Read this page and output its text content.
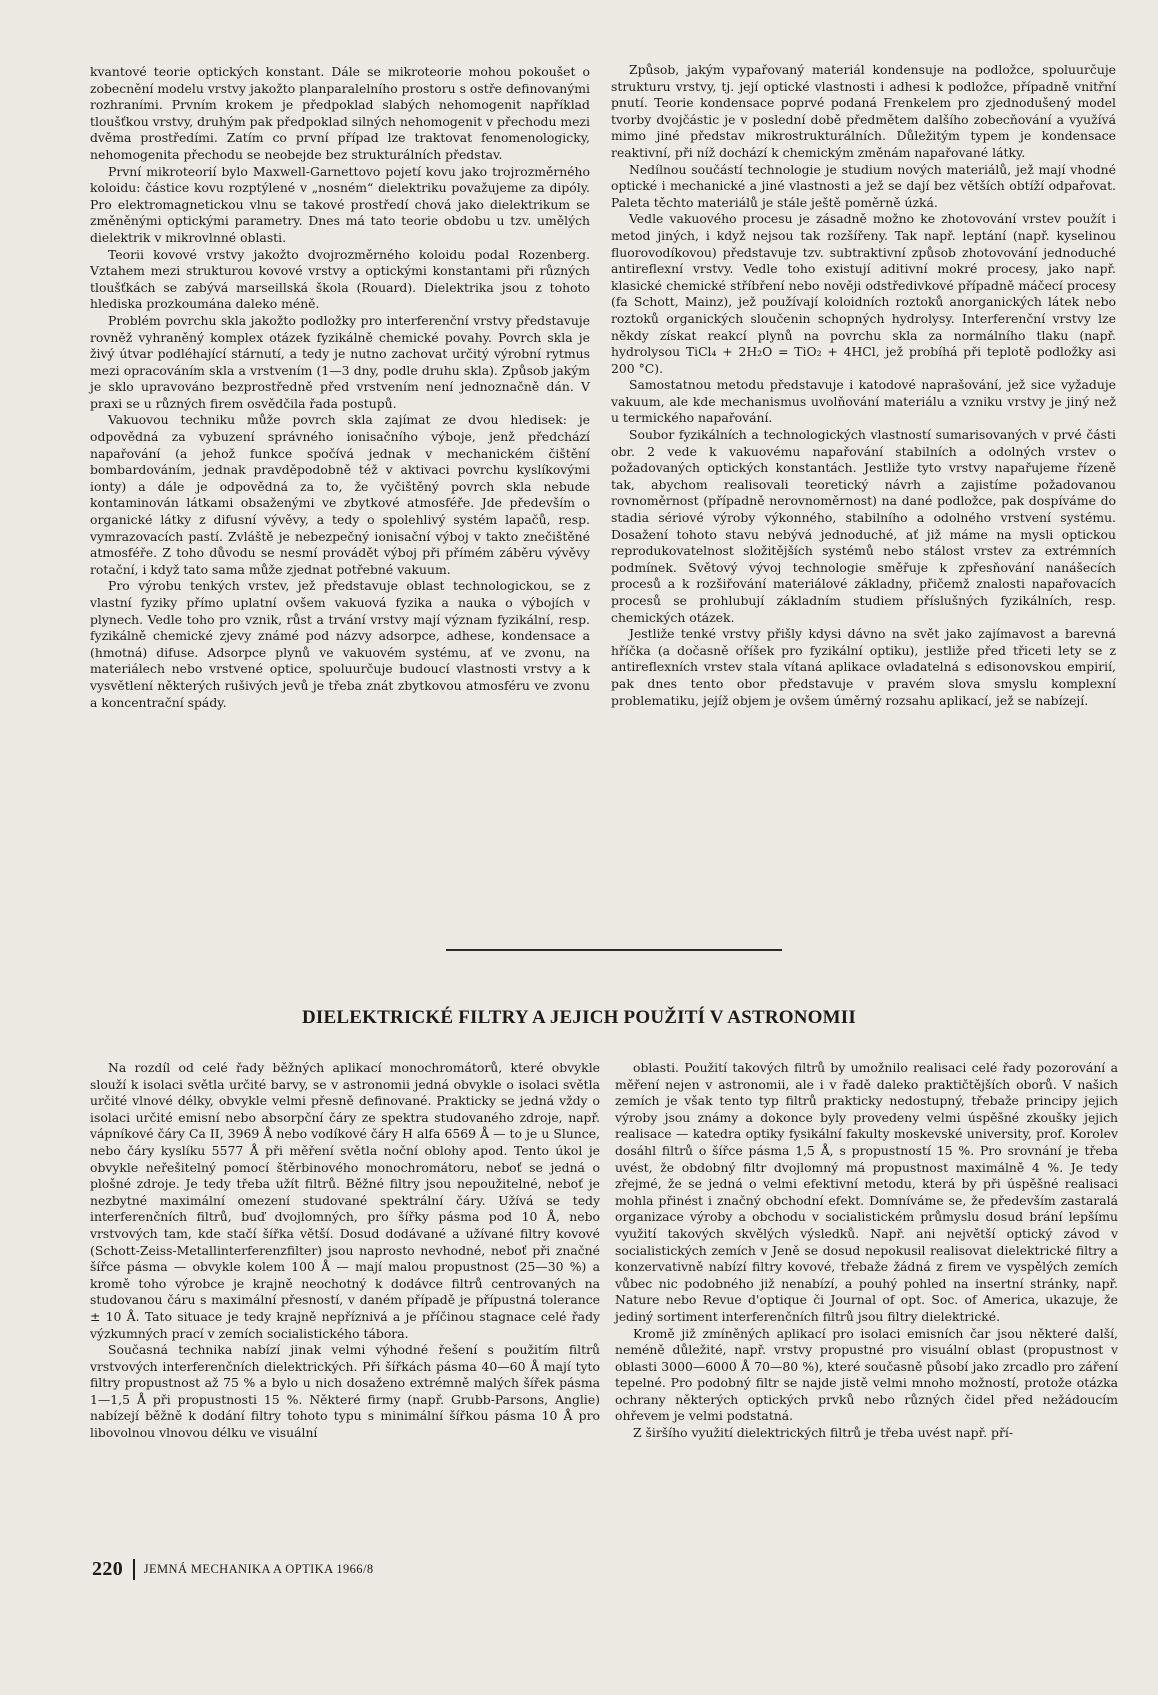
kvantové teorie optických konstant. Dále se mikroteorie mohou pokoušet o zobecnění modelu vrstvy jakožto planparalelního prostoru s ostře definovanými rozhraními. Prvním krokem je předpoklad slabých nehomogenit například tloušťkou vrstvy, druhým pak předpoklad silných nehomogenit v přechodu mezi dvěma prostředími. Zatím co první případ lze traktovat fenomenologicky, nehomogenita přechodu se neobejde bez strukturálních představ.

První mikroteorií bylo Maxwell-Garnettovo pojetí kovu jako trojrozměrného koloidu: částice kovu rozptýlené v „nosném“ dielektriku považujeme za dipóly. Pro elektromagnetickou vlnu se takové prostředí chová jako dielektrikum se změněnými optickými parametry. Dnes má tato teorie obdobu u tzv. umělých dielektrik v mikrovlnné oblasti.

Teorii kovové vrstvy jakožto dvojrozměrného koloidu podal Rozenberg. Vztahem mezi strukturou kovové vrstvy a optickými konstantami při různých tloušťkách se zabývá marseillská škola (Rouard). Dielektrika jsou z tohoto hlediska prozkoumána daleko méně.

Problém povrchu skla jakožto podložky pro interferenční vrstvy představuje rovněž vyhraněný komplex otázek fyzikálně chemické povahy. Povrch skla je živý útvar podléhající stárnutí, a tedy je nutno zachovat určitý výrobní rytmus mezi opracováním skla a vrstvením (1—3 dny, podle druhu skla). Způsob jakým je sklo upravováno bezprostředně před vrstvením není jednoznačně dán. V praxi se u různých firem osvědčila řada postupů.

Vakuovou techniku může povrch skla zajímat ze dvou hledisek: je odpovědná za vybuzení správného ionisačního výboje, jenž předchází napařování (a jehož funkce spočívá jednak v mechanickém čištění bombardováním, jednak pravděpodobně též v aktivaci povrchu kyslíkovými ionty) a dále je odpovědná za to, že vyčištěný povrch skla nebude kontaminován látkami obsaženými ve zbytkové atmosféře. Jde především o organické látky z difusní vývěvy, a tedy o spolehlivý systém lapačů, resp. vymrazovacích pastí. Zvláště je nebezpečný ionisační výboj v takto znečištěné atmosféře. Z toho důvodu se nesmí provádět výboj při přímém záběru vývěvy rotační, i když tato sama může zjednat potřebné vakuum.

Pro výrobu tenkých vrstev, jež představuje oblast technologickou, se z vlastní fyziky přímo uplatní ovšem vakuová fyzika a nauka o výbojích v plynech. Vedle toho pro vznik, růst a trvání vrstvy mají význam fyzikální, resp. fyzikálně chemické zjevy známé pod názvy adsorpce, adhese, kondensace a (hmotná) difuse. Adsorpce plynů ve vakuovém systému, ať ve zvonu, na materiálech nebo vrstvené optice, spoluurčuje budoucí vlastnosti vrstvy a k vysvětlení některých rušivých jevů je třeba znát zbytkovou atmosféru ve zvonu a koncentrační spády.

Způsob, jakým vypařovaný materiál kondensuje na podložce, spoluurčuje strukturu vrstvy, tj. její optické vlastnosti i adhesi k podložce, případně vnitřní pnutí. Teorie kondensace poprvé podaná Frenkelem pro zjednodušený model tvorby dvojčástic je v poslední době předmětem dalšího zobecňování a využívá mimo jiné představ mikrostrukturálních. Důležitým typem je kondensace reaktivní, při níž dochází k chemickým změnám napařované látky.

Nedílnou součástí technologie je studium nových materiálů, jež mají vhodné optické i mechanické a jiné vlastnosti a jež se dají bez větších obtíží odpařovat. Paleta těchto materiálů je stále ještě poměrně úzká.

Vedle vakuového procesu je zásadně možno ke zhotovování vrstev použít i metod jiných, i když nejsou tak rozšířeny. Tak např. leptání (např. kyselinou fluorovodíkovou) představuje tzv. subtraktivní způsob zhotovování jednoduché antireflexní vrstvy. Vedle toho existují aditivní mokré procesy, jako např. klasické chemické stříbření nebo nověji odstředivkové případně máčecí procesy (fa Schott, Mainz), jež používají koloidních roztoků anorganických látek nebo roztoků organických sloučenin schopných hydrolysy. Interferenční vrstvy lze někdy získat reakcí plynů na povrchu skla za normálního tlaku (např. hydrolysou TiCl₄ + 2H₂O = TiO₂ + 4HCl, jež probíhá při teplotě podložky asi 200 °C).

Samostatnou metodu představuje i katodové naprašování, jež sice vyžaduje vakuum, ale kde mechanismus uvolňování materiálu a vzniku vrstvy je jiný než u termického napařování.

Soubor fyzikálních a technologických vlastností sumarisovaných v prvé části obr. 2 vede k vakuovému napařování stabilních a odolných vrstev o požadovaných optických konstantách. Jestliže tyto vrstvy napařujeme řízeně tak, abychom realisovali teoretický návrh a zajistíme požadovanou rovnoměrnost (případně nerovnoměrnost) na dané podložce, pak dospíváme do stadia sériové výroby výkonného, stabilního a odolného vrstvení systému. Dosažení tohoto stavu nebývá jednoduché, ať již máme na mysli optickou reprodukovatelnost složitějších systémů nebo stálost vrstev za extrémních podmínek. Světový vývoj technologie směřuje k zpřesňování nanášecích procesů a k rozšiřování materiálové základny, přičemž znalosti napařovacích procesů se prohlubují základním studiem příslušných fyzikálních, resp. chemických otázek.

Jestliže tenké vrstvy přišly kdysi dávno na svět jako zajímavost a barevná hříčka (a dočasně oříšek pro fyzikální optiku), jestliže před třiceti lety se z antireflexních vrstev stala vítaná aplikace ovladatelná s edisonovskou empirií, pak dnes tento obor představuje v pravém slova smyslu komplexní problematiku, jejíž objem je ovšem úměrný rozsahu aplikací, jež se nabízejí.

DIELEKTRICKÉ FILTRY A JEJICH POUŽITÍ V ASTRONOMII

Na rozdíl od celé řady běžných aplikací monochromátorů, které obvykle slouží k isolaci světla určité barvy, se v astronomii jedná obvykle o isolaci světla určité vlnové délky, obvykle velmi přesně definované. Prakticky se jedná vždy o isolaci určité emisní nebo absorpční čáry ze spektra studovaného zdroje, např. vápníkové čáry Ca II, 3969 Å nebo vodíkové čáry H alfa 6569 Å — to je u Slunce, nebo čáry kyslíku 5577 Å při měření světla noční oblohy apod. Tento úkol je obvykle neřešitelný pomocí štěrbinového monochromátoru, neboť se jedná o plošné zdroje. Je tedy třeba užít filtrů. Běžné filtry jsou nepoužitelné, neboť je nezbytné maximální omezení studované spektrální čáry. Užívá se tedy interferenčních filtrů, buď dvojlomných, pro šířky pásma pod 10 Å, nebo vrstvových tam, kde stačí šířka větší. Dosud dodávané a užívané filtry kovové (Schott-Zeiss-Metallinterferenzfilter) jsou naprosto nevhodné, neboť při značné šířce pásma — obvykle kolem 100 Å — mají malou propustnost (25—30 %) a kromě toho výrobce je krajně neochotný k dodávce filtrů centrovaných na studovanou čáru s maximální přesností, v daném případě je přípustná tolerance ± 10 Å. Tato situace je tedy krajně nepříznivá a je příčinou stagnace celé řady výzkumných prací v zemích socialistického tábora.

Současná technika nabízí jinak velmi výhodné řešení s použitím filtrů vrstvových interferenčních dielektrických. Při šířkách pásma 40—60 Å mají tyto filtry propustnost až 75 % a bylo u nich dosaženo extrémně malých šířek pásma 1—1,5 Å při propustnosti 15 %. Některé firmy (např. Grubb-Parsons, Anglie) nabízejí běžně k dodání filtry tohoto typu s minimální šířkou pásma 10 Å pro libovolnou vlnovou délku ve visuální

oblasti. Použití takových filtrů by umožnilo realisaci celé řady pozorování a měření nejen v astronomii, ale i v řadě daleko praktičtějších oborů. V našich zemích je však tento typ filtrů prakticky nedostupný, třebaže principy jejich výroby jsou známy a dokonce byly provedeny velmi úspěšné zkoušky jejich realisace — katedra optiky fysikální fakulty moskevské university, prof. Korolev dosáhl filtrů o šířce pásma 1,5 Å, s propustností 15 %. Pro srovnání je třeba uvést, že obdobný filtr dvojlomný má propustnost maximálně 4 %. Je tedy zřejmé, že se jedná o velmi efektivní metodu, která by při úspěšné realisaci mohla přinést i značný obchodní efekt. Domníváme se, že především zastaralá organizace výroby a obchodu v socialistickém průmyslu dosud brání lepšímu využití takových skvělých výsledků. Např. ani největší optický závod v socialistických zemích v Jeně se dosud nepokusil realisovat dielektrické filtry a konzervativně nabízí filtry kovové, třebaže žádná z firem ve vyspělých zemích vůbec nic podobného již nenabízí, a pouhý pohled na insertní stránky, např. Nature nebo Revue d'optique či Journal of opt. Soc. of America, ukazuje, že jediný sortiment interferenčních filtrů jsou filtry dielektrické.

Kromě již zmíněných aplikací pro isolaci emisních čar jsou některé další, neméně důležité, např. vrstvy propustné pro visuální oblast (propustnost v oblasti 3000—6000 Å 70—80 %), které současně působí jako zrcadlo pro záření tepelné. Pro podobný filtr se najde jistě velmi mnoho možností, protože otázka ochrany některých optických prvků nebo různých čidel před nežádoucím ohřevem je velmi podstatná.

Z širšího využití dielektrických filtrů je třeba uvést např. pří-

220 JEMNÁ MECHANIKA A OPTIKA 1966/8
